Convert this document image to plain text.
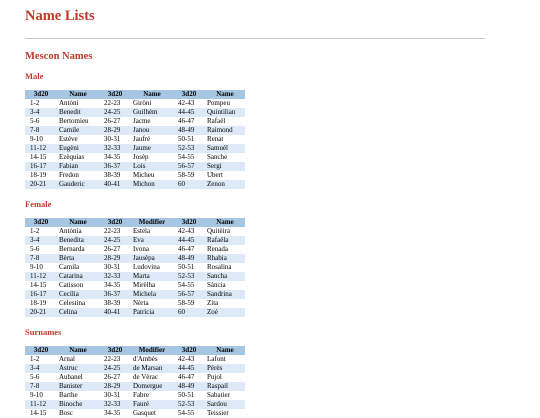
Name Lists
Mescon Names
Male
3d20	Name	3d20	Name	3d20	Name
1-2	Antòni	22-23	Giròni	42-43	Pompeu
3-4	Benedit	24-25	Guilhèm	44-45	Quintilian
5-6	Bertomieu	26-27	Jacme	46-47	Rafaël
7-8	Camile	28-29	Janou	48-49	Raimond
9-10	Estève	30-31	Jaufré	50-51	Renat
11-12	Eugèni	32-33	Jaume	52-53	Samuèl
14-15	Ezèquias	34-35	Josèp	54-55	Sanche
16-17	Fabian	36-37	Loís	56-57	Sergi
18-19	Fredon	38-39	Micheu	58-59	Ubert
20-21	Gauderic	40-41	Michon	60	Zenon
Female
3d20	Name	3d20	Modifier	3d20	Name
1-2	Antònia	22-23	Estela	42-43	Quitèira
3-4	Benedita	24-25	Eva	44-45	Rafaëla
5-6	Bernarda	26-27	Ivona	46-47	Renada
7-8	Bèrta	28-29	Jausèpa	48-49	Rhabia
9-10	Camila	30-31	Ludovina	50-51	Rosalina
11-12	Catarina	32-33	Marta	52-53	Sancha
14-15	Catisson	34-35	Mirèlha	54-55	Sància
16-17	Cecília	36-37	Michela	56-57	Sandrina
18-19	Celestina	38-39	Nèrta	58-59	Zita
20-21	Celina	40-41	Patrícia	60	Zoé
Surnames
3d20	Name	3d20	Modifier	3d20	Name
1-2	Arnal	22-23	d'Ambès	42-43	Lafont
3-4	Astruc	24-25	de Marsan	44-45	Pérès
5-6	Aubanel	26-27	de Vèrac	46-47	Pujol
7-8	Banister	28-29	Domergue	48-49	Raspail
9-10	Barthe	30-31	Fabre	50-51	Sabatier
11-12	Binoche	32-33	Fauré	52-53	Sardou
14-15	Bosc	34-35	Gasquet	54-55	Teissier
